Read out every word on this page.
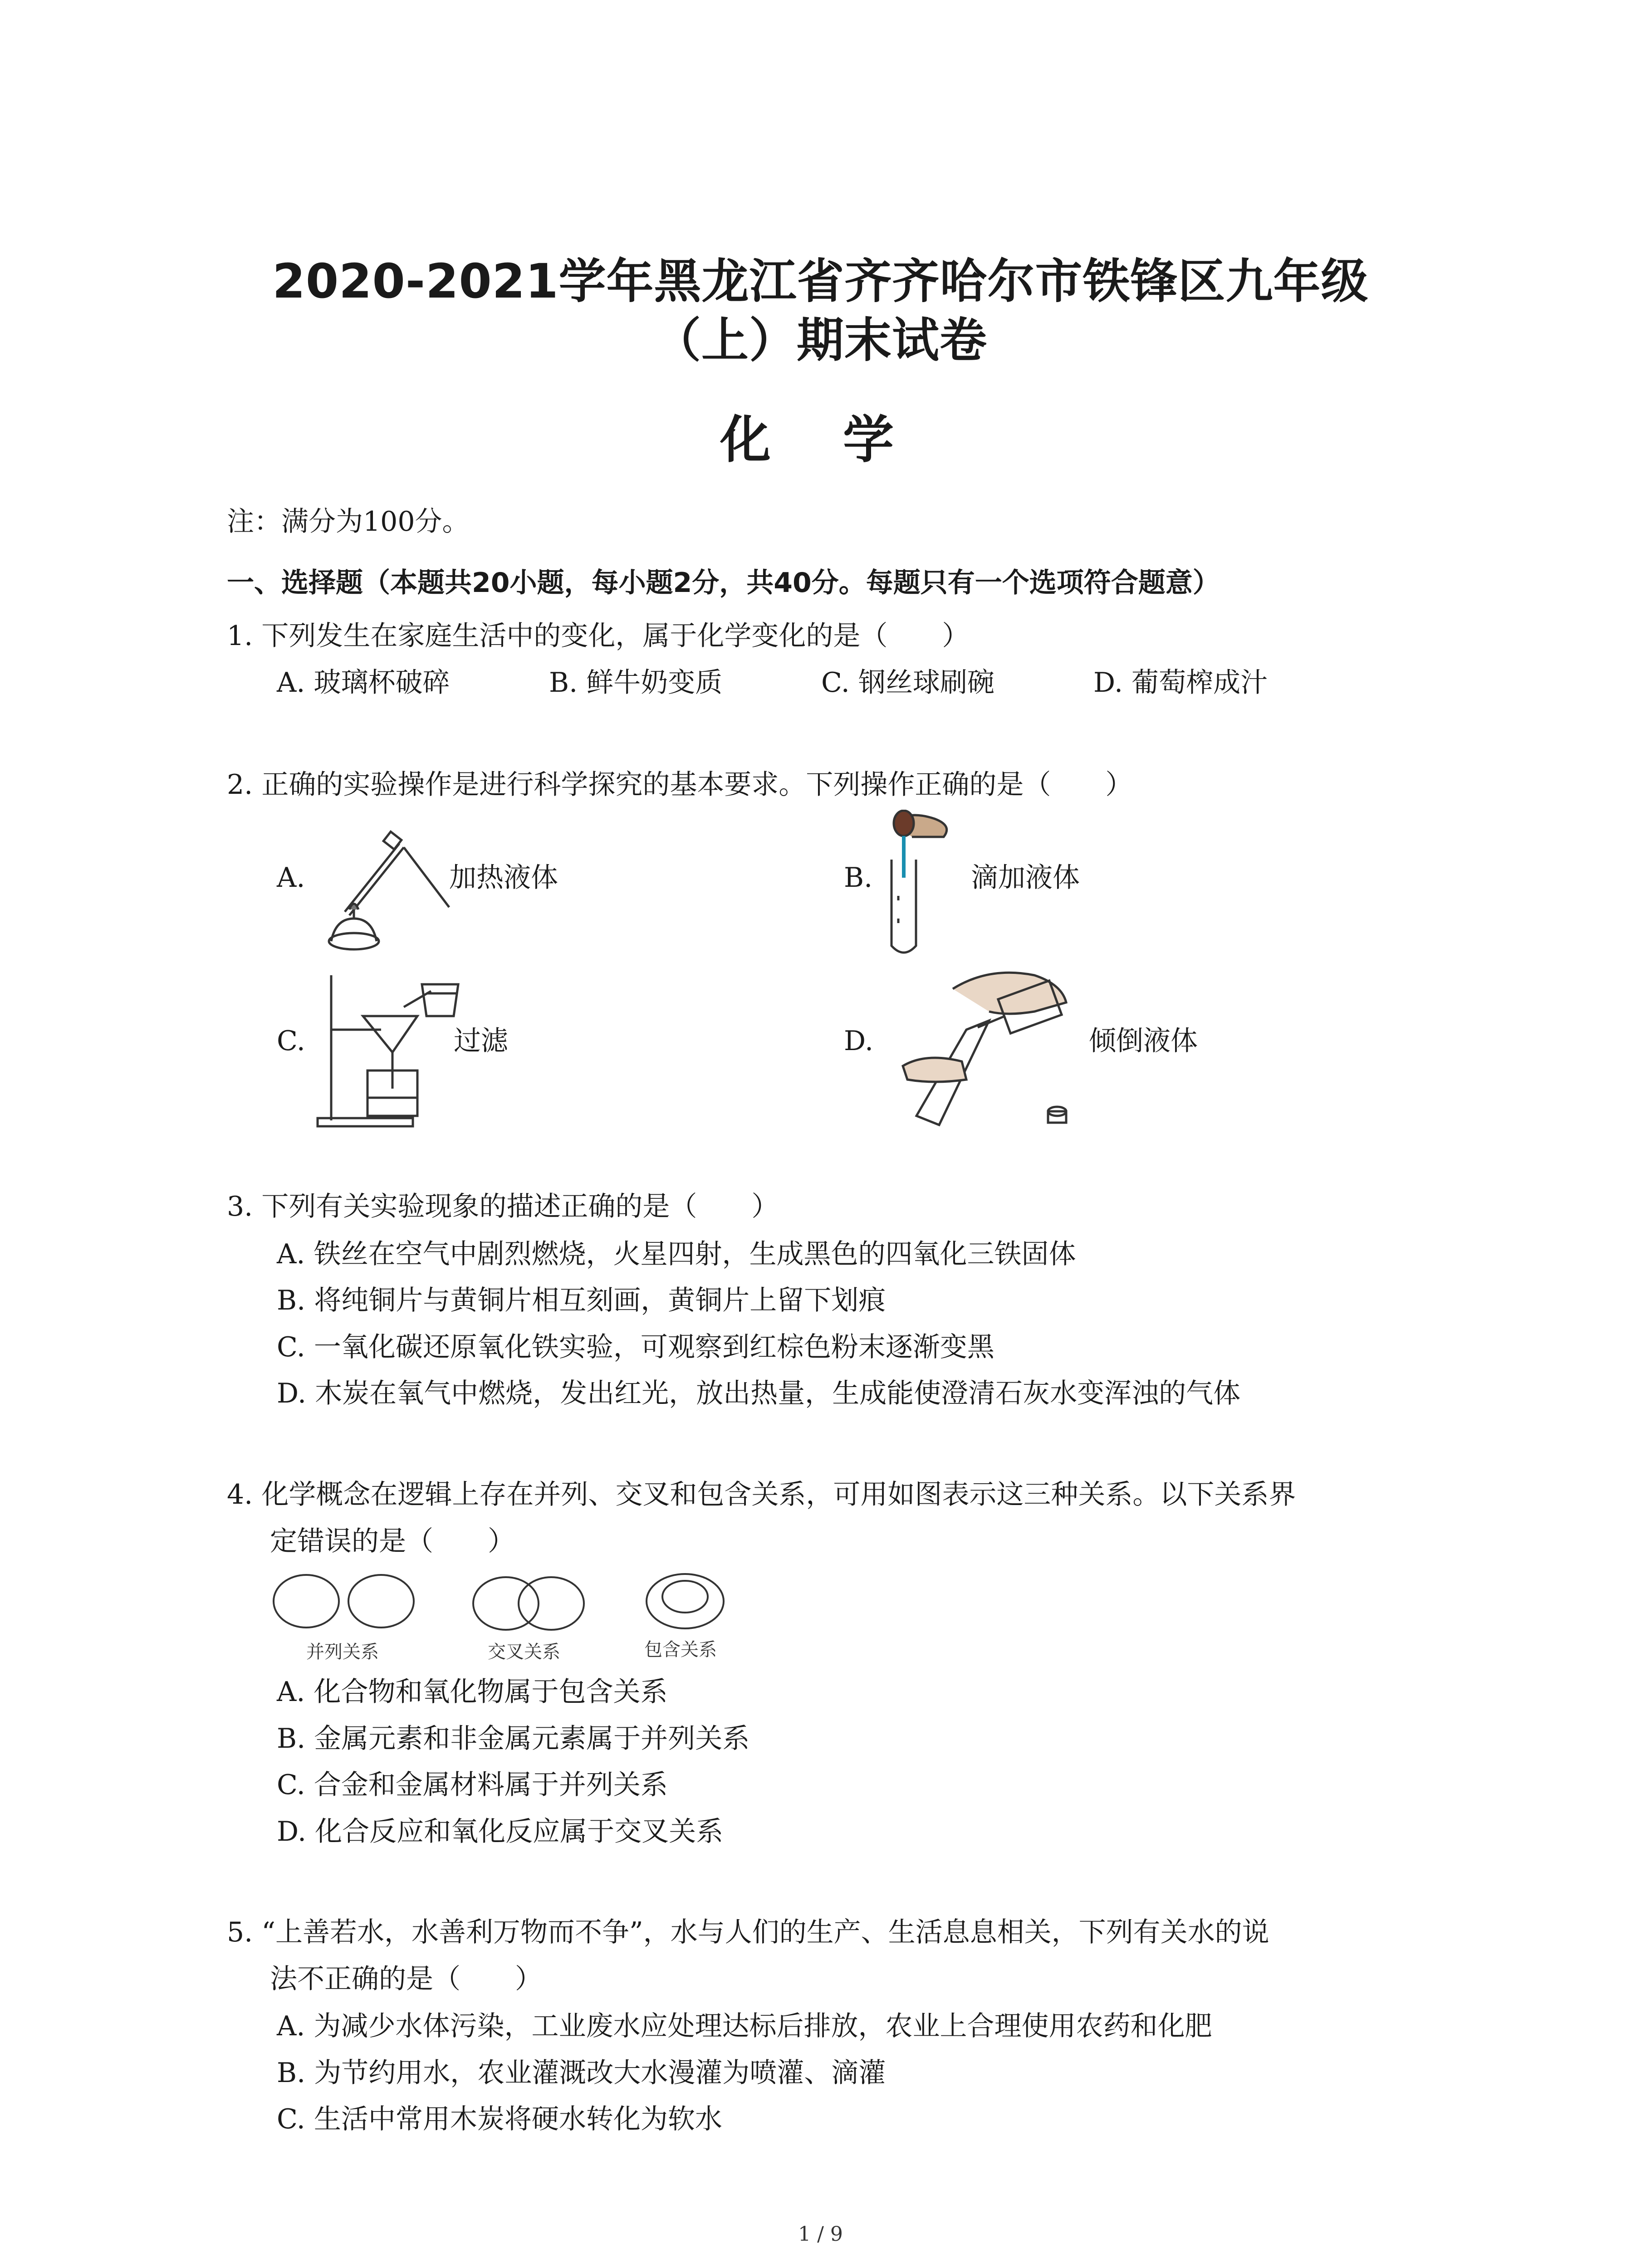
2020-2021学年黑龙江省齐齐哈尔市铁锋区九年级
（上）期末试卷
化 学
注：满分为100分。
一、选择题（本题共20小题，每小题2分，共40分。每题只有一个选项符合题意）
1. 下列发生在家庭生活中的变化，属于化学变化的是（　　）
A. 玻璃杯破碎	B. 鲜牛奶变质	C. 钢丝球刷碗	D. 葡萄榨成汁
2. 正确的实验操作是进行科学探究的基本要求。下列操作正确的是（　　）
A.	加热液体	B.	滴加液体
C.	过滤	D.	倾倒液体
3. 下列有关实验现象的描述正确的是（　　）
A. 铁丝在空气中剧烈燃烧，火星四射，生成黑色的四氧化三铁固体
B. 将纯铜片与黄铜片相互刻画，黄铜片上留下划痕
C. 一氧化碳还原氧化铁实验，可观察到红棕色粉末逐渐变黑
D. 木炭在氧气中燃烧，发出红光，放出热量，生成能使澄清石灰水变浑浊的气体
4. 化学概念在逻辑上存在并列、交叉和包含关系，可用如图表示这三种关系。以下关系界
定错误的是（　　）
并列关系	交叉关系	包含关系
A. 化合物和氧化物属于包含关系
B. 金属元素和非金属元素属于并列关系
C. 合金和金属材料属于并列关系
D. 化合反应和氧化反应属于交叉关系
5. “上善若水，水善利万物而不争”，水与人们的生产、生活息息相关，下列有关水的说
法不正确的是（　　）
A. 为减少水体污染，工业废水应处理达标后排放，农业上合理使用农药和化肥
B. 为节约用水，农业灌溉改大水漫灌为喷灌、滴灌
C. 生活中常用木炭将硬水转化为软水
1 / 9
